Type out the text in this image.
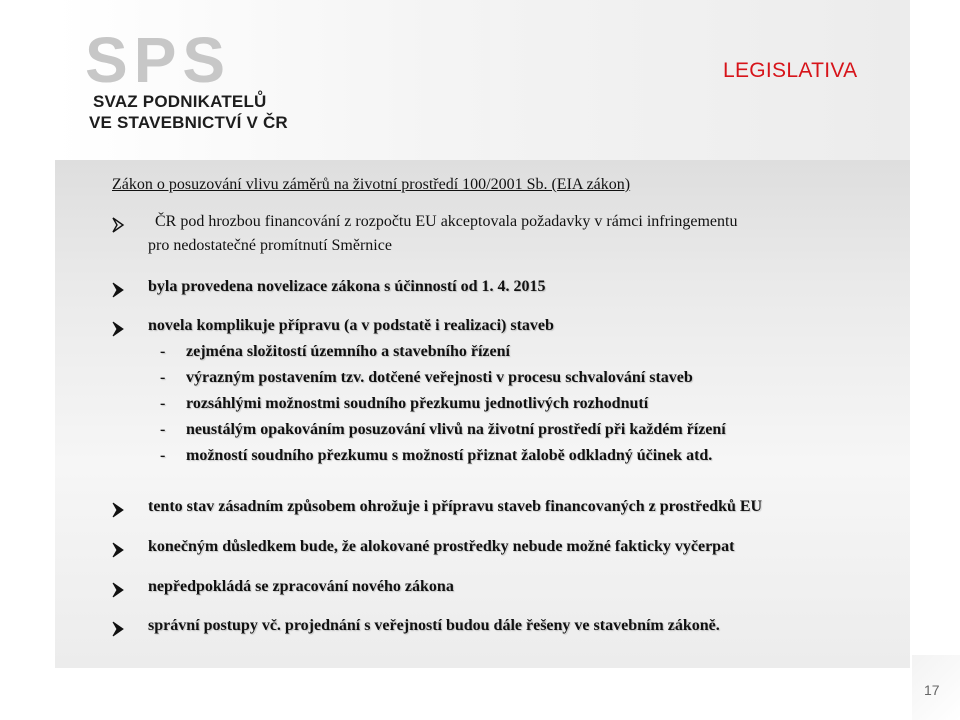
SPS
SVAZ PODNIKATELŮ
VE STAVEBNICTVÍ V ČR
LEGISLATIVA
Zákon o posuzování vlivu záměrů na životní prostředí 100/2001 Sb. (EIA zákon)
ČR pod hrozbou financování z rozpočtu EU akceptovala požadavky v rámci infringementu
pro nedostatečné promítnutí Směrnice
byla provedena novelizace zákona s účinností od 1. 4. 2015
novela komplikuje přípravu (a v podstatě i realizaci) staveb
- zejména složitostí územního a stavebního řízení
- výrazným postavením tzv. dotčené veřejnosti v procesu schvalování staveb
- rozsáhlými možnostmi soudního přezkumu jednotlivých rozhodnutí
- neustálým opakováním posuzování vlivů na životní prostředí při každém řízení
- možností soudního přezkumu s možností přiznat žalobě odkladný účinek atd.
tento stav zásadním způsobem ohrožuje i přípravu staveb financovaných z prostředků EU
konečným důsledkem bude, že alokované prostředky nebude možné fakticky vyčerpat
nepředpokládá se zpracování nového zákona
správní postupy vč. projednání s veřejností budou dále řešeny ve stavebním zákoně.
17
